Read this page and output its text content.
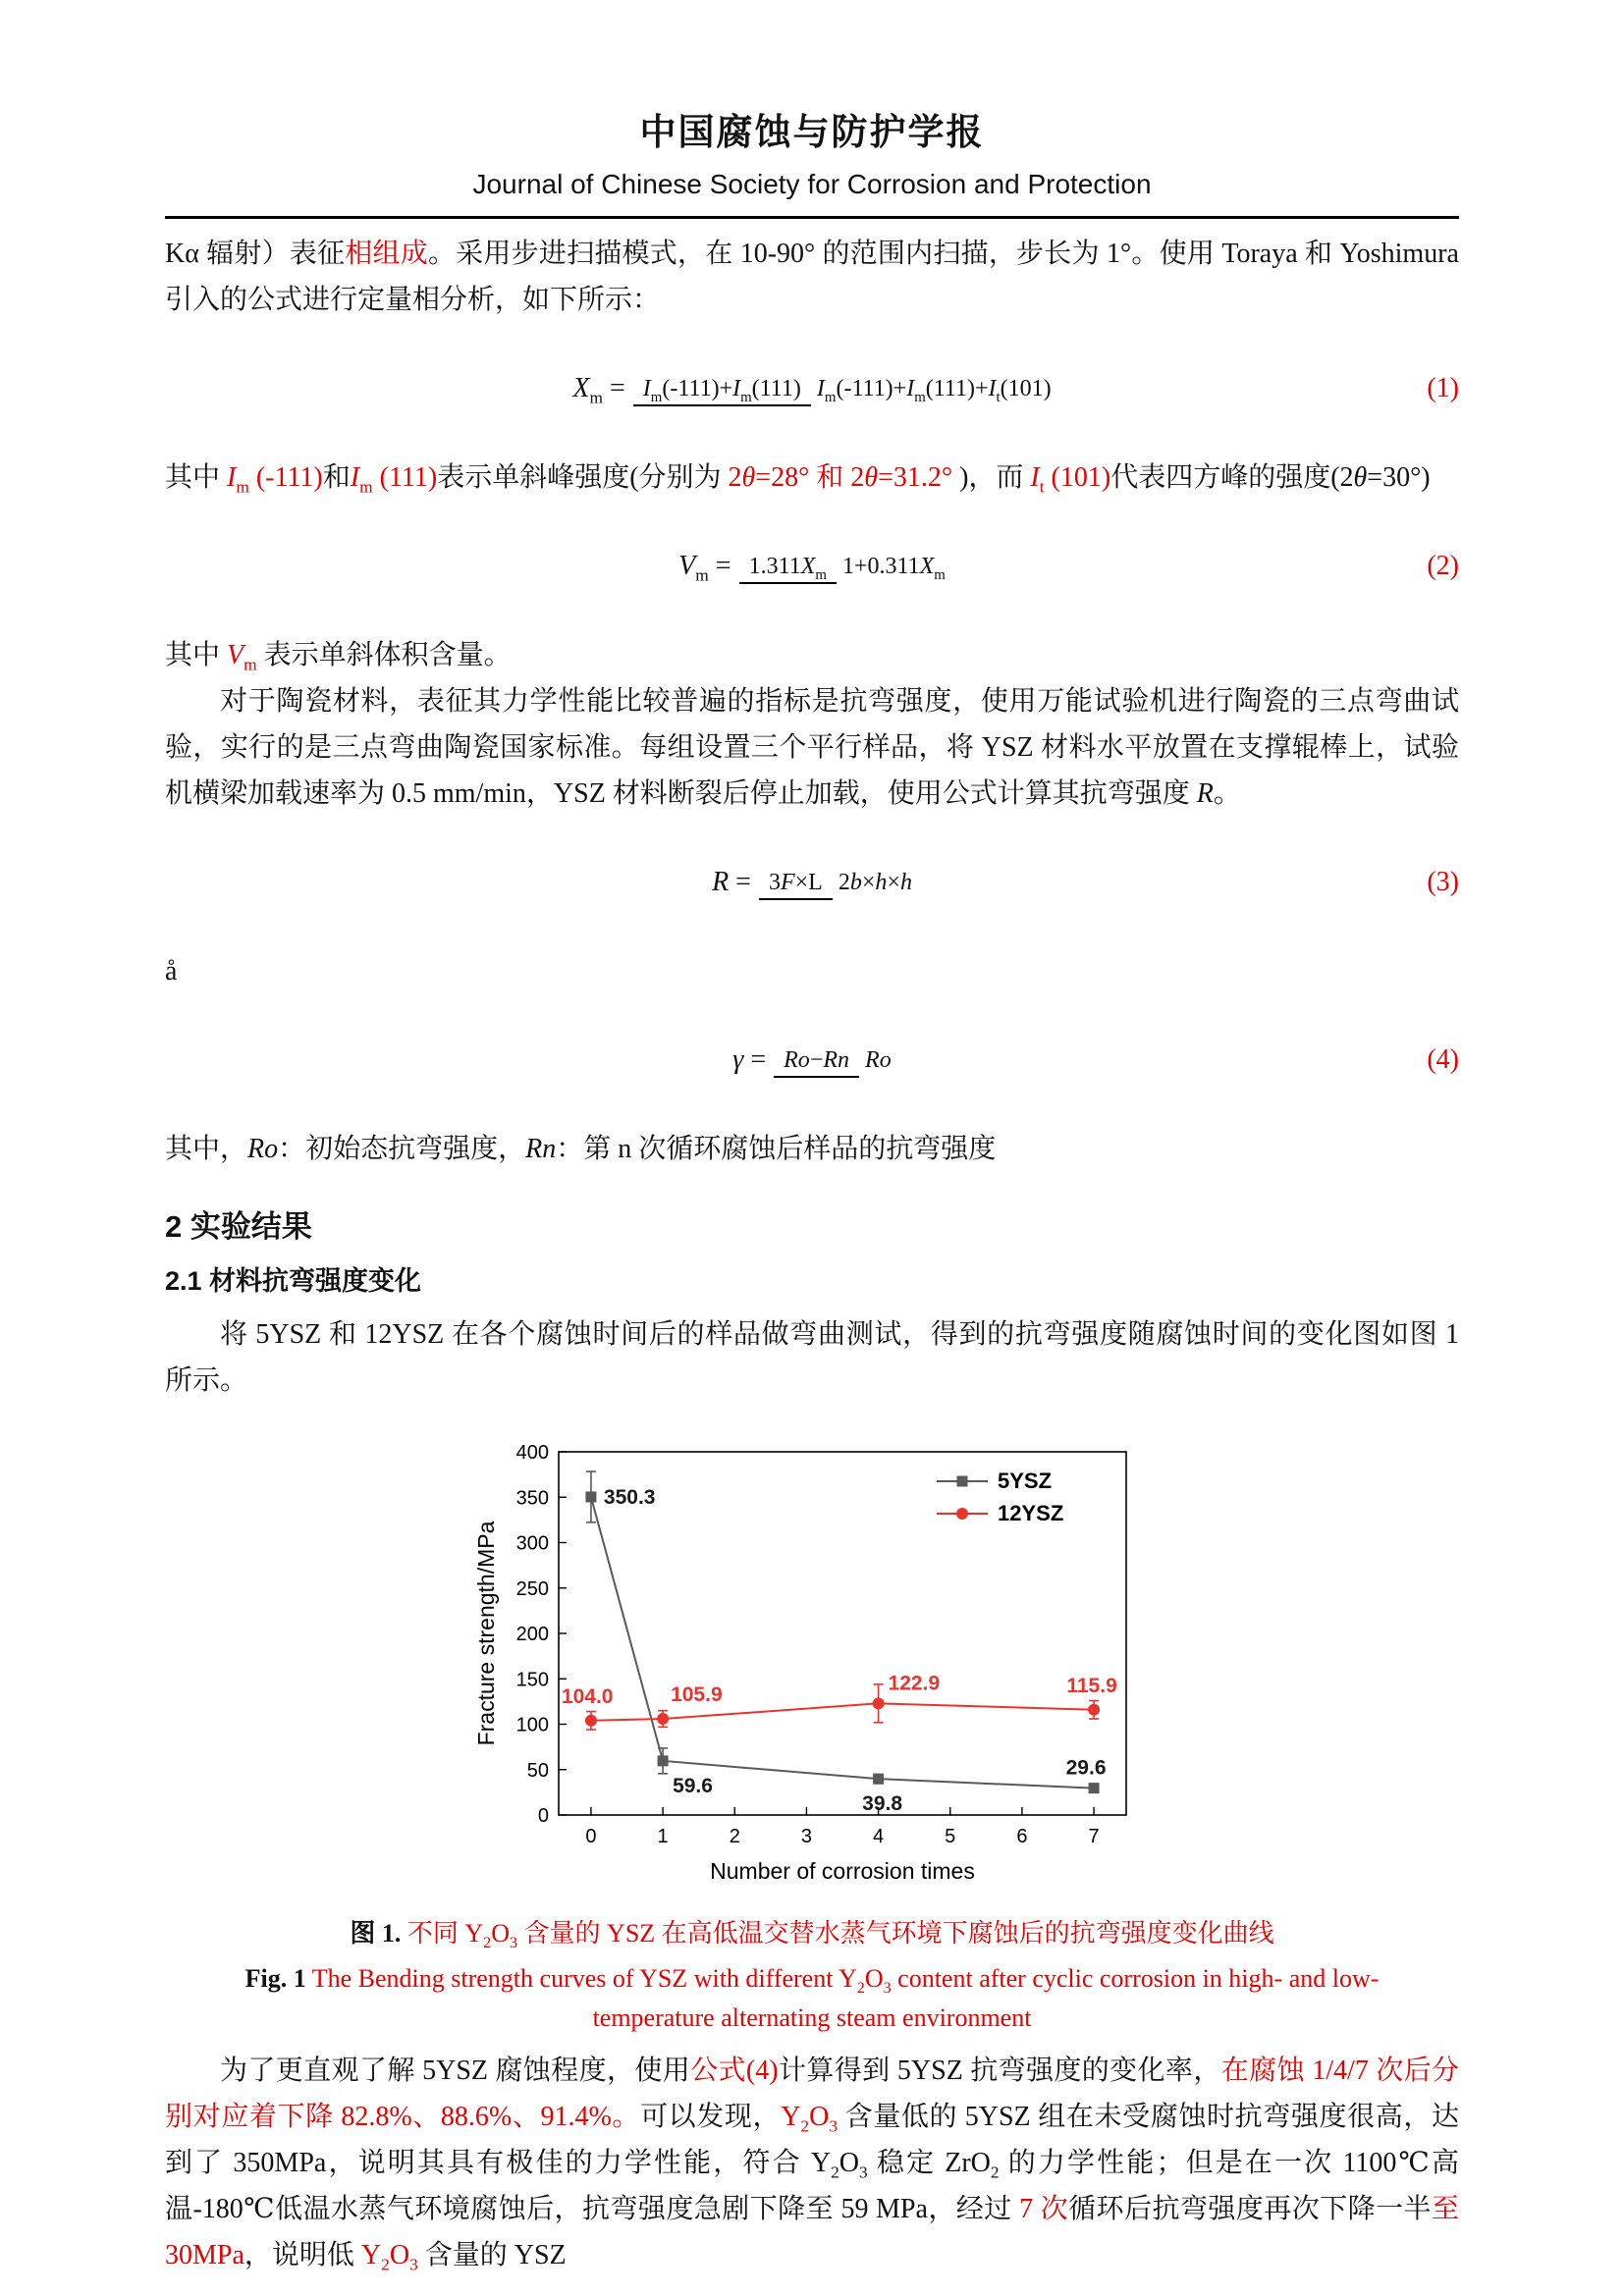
中国腐蚀与防护学报
Journal of Chinese Society for Corrosion and Protection

Kα 辐射）表征相组成。采用步进扫描模式，在 10-90° 的范围内扫描，步长为 1°。使用 Toraya 和 Yoshimura 引入的公式进行定量相分析，如下所示：

$X_m = I_m(-111)+I_m(111)$ $I_m(-111)+I_m(111)+I_t(101)$	(1)

其中 $I_m$ (-111)和$I_m$ (111)表示单斜峰强度(分别为 2θ=28° 和 2θ=31.2° )，而 $I_t$ (101)代表四方峰的强度(2θ=30°)

$V_m = 1.311X_m$ $1+0.311X_m$	(2)

其中 $V_m$ 表示单斜体积含量。

对于陶瓷材料，表征其力学性能比较普遍的指标是抗弯强度，使用万能试验机进行陶瓷的三点弯曲试验，实行的是三点弯曲陶瓷国家标准。每组设置三个平行样品，将 YSZ 材料水平放置在支撑辊棒上，试验机横梁加载速率为 0.5 mm/min，YSZ 材料断裂后停止加载，使用公式计算其抗弯强度 R。

R = 3F×L 2b×h×h	(3)

å

γ = Ro−Rn Ro	(4)

其中，Ro：初始态抗弯强度，Rn：第 n 次循环腐蚀后样品的抗弯强度

2 实验结果
2.1 材料抗弯强度变化

将 5YSZ 和 12YSZ 在各个腐蚀时间后的样品做弯曲测试，得到的抗弯强度随腐蚀时间的变化图如图 1 所示。

0
50
100
150
200
250
300
350
400
0	1	2	3	4	5	6	7
350.3
59.6
39.8
29.6
104.0	105.9
122.9	115.9
5YSZ
12YSZ
Number of corrosion times
Fracture strength/MPa

图 1. 不同 $Y_2O_3$ 含量的 YSZ 在高低温交替水蒸气环境下腐蚀后的抗弯强度变化曲线

Fig. 1 The Bending strength curves of YSZ with different $Y_2O_3$ content after cyclic corrosion in high- and low-temperature alternating steam environment

为了更直观了解 5YSZ 腐蚀程度，使用公式(4)计算得到 5YSZ 抗弯强度的变化率，在腐蚀 1/4/7 次后分别对应着下降 82.8%、88.6%、91.4%。可以发现，$Y_2O_3$ 含量低的 5YSZ 组在未受腐蚀时抗弯强度很高，达到了 350MPa，说明其具有极佳的力学性能，符合 $Y_2O_3$ 稳定 ZrO$_2$ 的力学性能；但是在一次 1100℃高温-180℃低温水蒸气环境腐蚀后，抗弯强度急剧下降至 59 MPa，经过 7 次循环后抗弯强度再次下降一半至 30MPa，说明低 $Y_2O_3$ 含量的 YSZ
